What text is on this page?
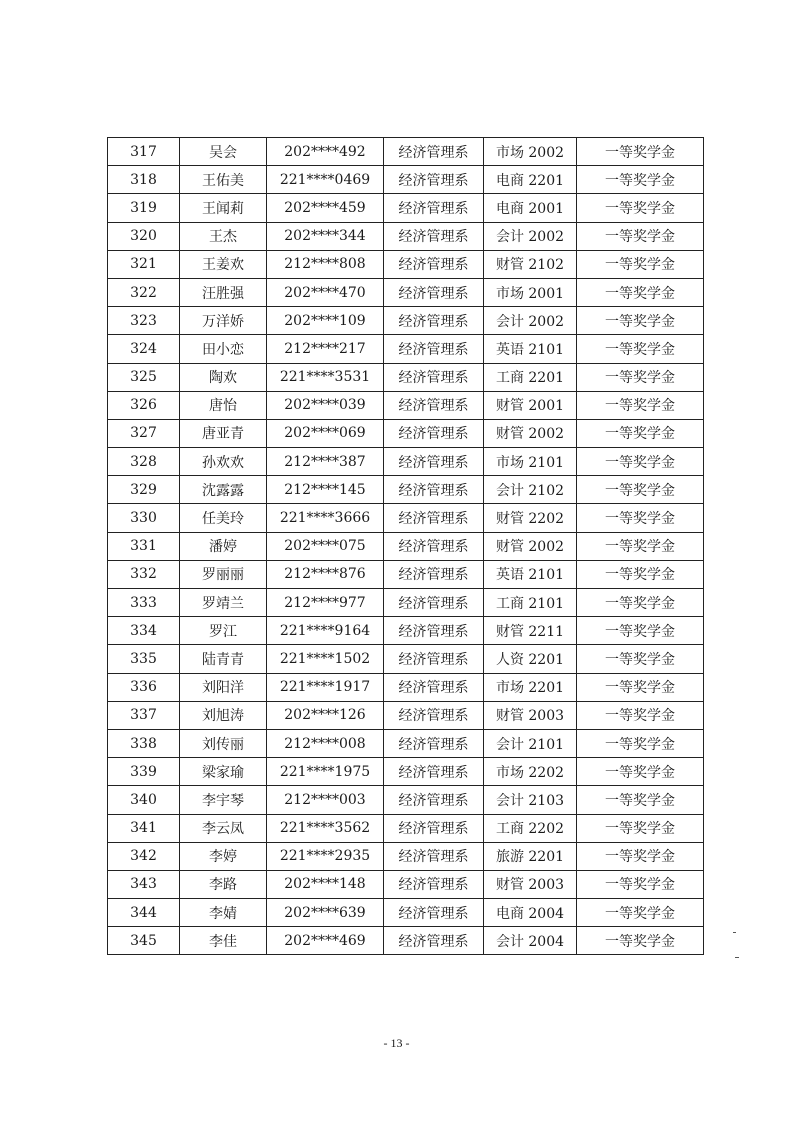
317	吴会	202****492	经济管理系	市场 2002	一等奖学金
318	王佑美	221****0469	经济管理系	电商 2201	一等奖学金
319	王闻莉	202****459	经济管理系	电商 2001	一等奖学金
320	王杰	202****344	经济管理系	会计 2002	一等奖学金
321	王姜欢	212****808	经济管理系	财管 2102	一等奖学金
322	汪胜强	202****470	经济管理系	市场 2001	一等奖学金
323	万洋娇	202****109	经济管理系	会计 2002	一等奖学金
324	田小恋	212****217	经济管理系	英语 2101	一等奖学金
325	陶欢	221****3531	经济管理系	工商 2201	一等奖学金
326	唐怡	202****039	经济管理系	财管 2001	一等奖学金
327	唐亚青	202****069	经济管理系	财管 2002	一等奖学金
328	孙欢欢	212****387	经济管理系	市场 2101	一等奖学金
329	沈露露	212****145	经济管理系	会计 2102	一等奖学金
330	任美玲	221****3666	经济管理系	财管 2202	一等奖学金
331	潘婷	202****075	经济管理系	财管 2002	一等奖学金
332	罗丽丽	212****876	经济管理系	英语 2101	一等奖学金
333	罗靖兰	212****977	经济管理系	工商 2101	一等奖学金
334	罗江	221****9164	经济管理系	财管 2211	一等奖学金
335	陆青青	221****1502	经济管理系	人资 2201	一等奖学金
336	刘阳洋	221****1917	经济管理系	市场 2201	一等奖学金
337	刘旭涛	202****126	经济管理系	财管 2003	一等奖学金
338	刘传丽	212****008	经济管理系	会计 2101	一等奖学金
339	梁家瑜	221****1975	经济管理系	市场 2202	一等奖学金
340	李宇琴	212****003	经济管理系	会计 2103	一等奖学金
341	李云凤	221****3562	经济管理系	工商 2202	一等奖学金
342	李婷	221****2935	经济管理系	旅游 2201	一等奖学金
343	李路	202****148	经济管理系	财管 2003	一等奖学金
344	李婧	202****639	经济管理系	电商 2004	一等奖学金
345	李佳	202****469	经济管理系	会计 2004	一等奖学金
- 13 -
